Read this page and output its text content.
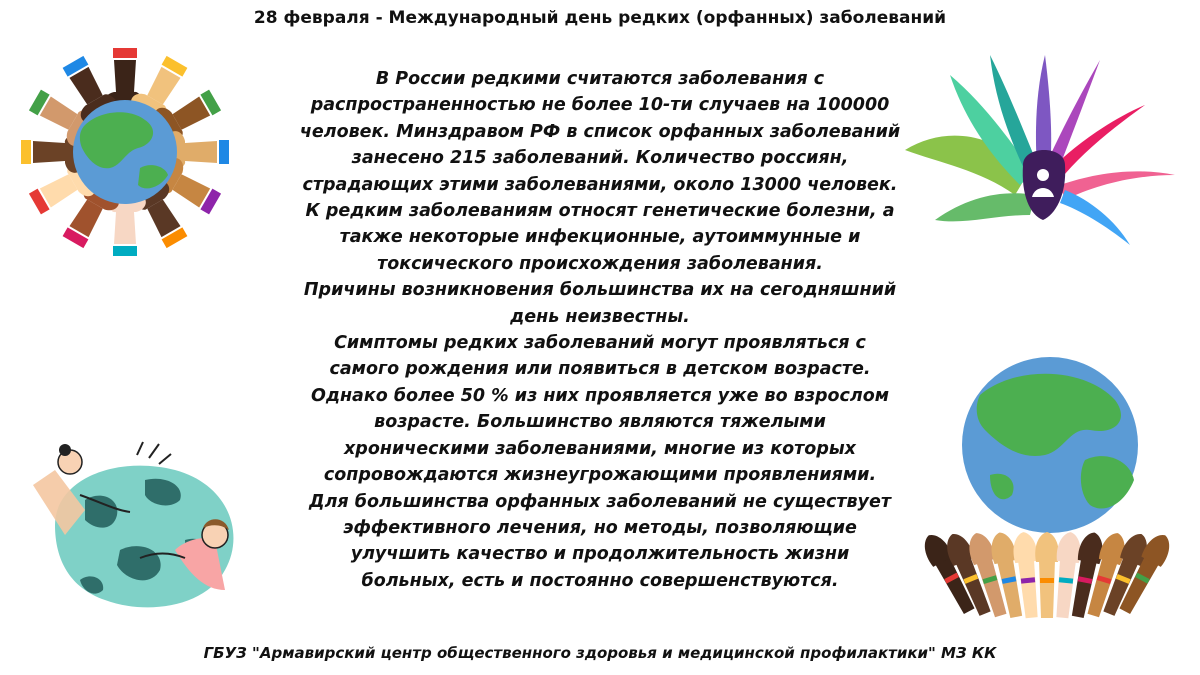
28 февраля - Международный день редких (орфанных) заболеваний
В России редкими считаются заболевания с
распространенностью не более 10-ти случаев на 100000
человек. Минздравом РФ в список орфанных заболеваний
занесено 215 заболеваний. Количество россиян,
страдающих этими заболеваниями, около 13000 человек.
К редким заболеваниям относят генетические болезни, а
также некоторые инфекционные, аутоиммунные и
токсического происхождения заболевания.
Причины возникновения большинства их на сегодняшний
день неизвестны.
Симптомы редких заболеваний могут проявляться с
самого рождения или появиться в детском возрасте.
Однако более 50 % из них проявляется уже во взрослом
возрасте. Большинство являются тяжелыми
хроническими заболеваниями, многие из которых
сопровождаются жизнеугрожающими проявлениями.
Для большинства орфанных заболеваний не существует
эффективного лечения, но методы, позволяющие
улучшить качество и продолжительность жизни
больных, есть и постоянно совершенствуются.
ГБУЗ "Армавирский центр общественного здоровья и медицинской профилактики" МЗ КК
